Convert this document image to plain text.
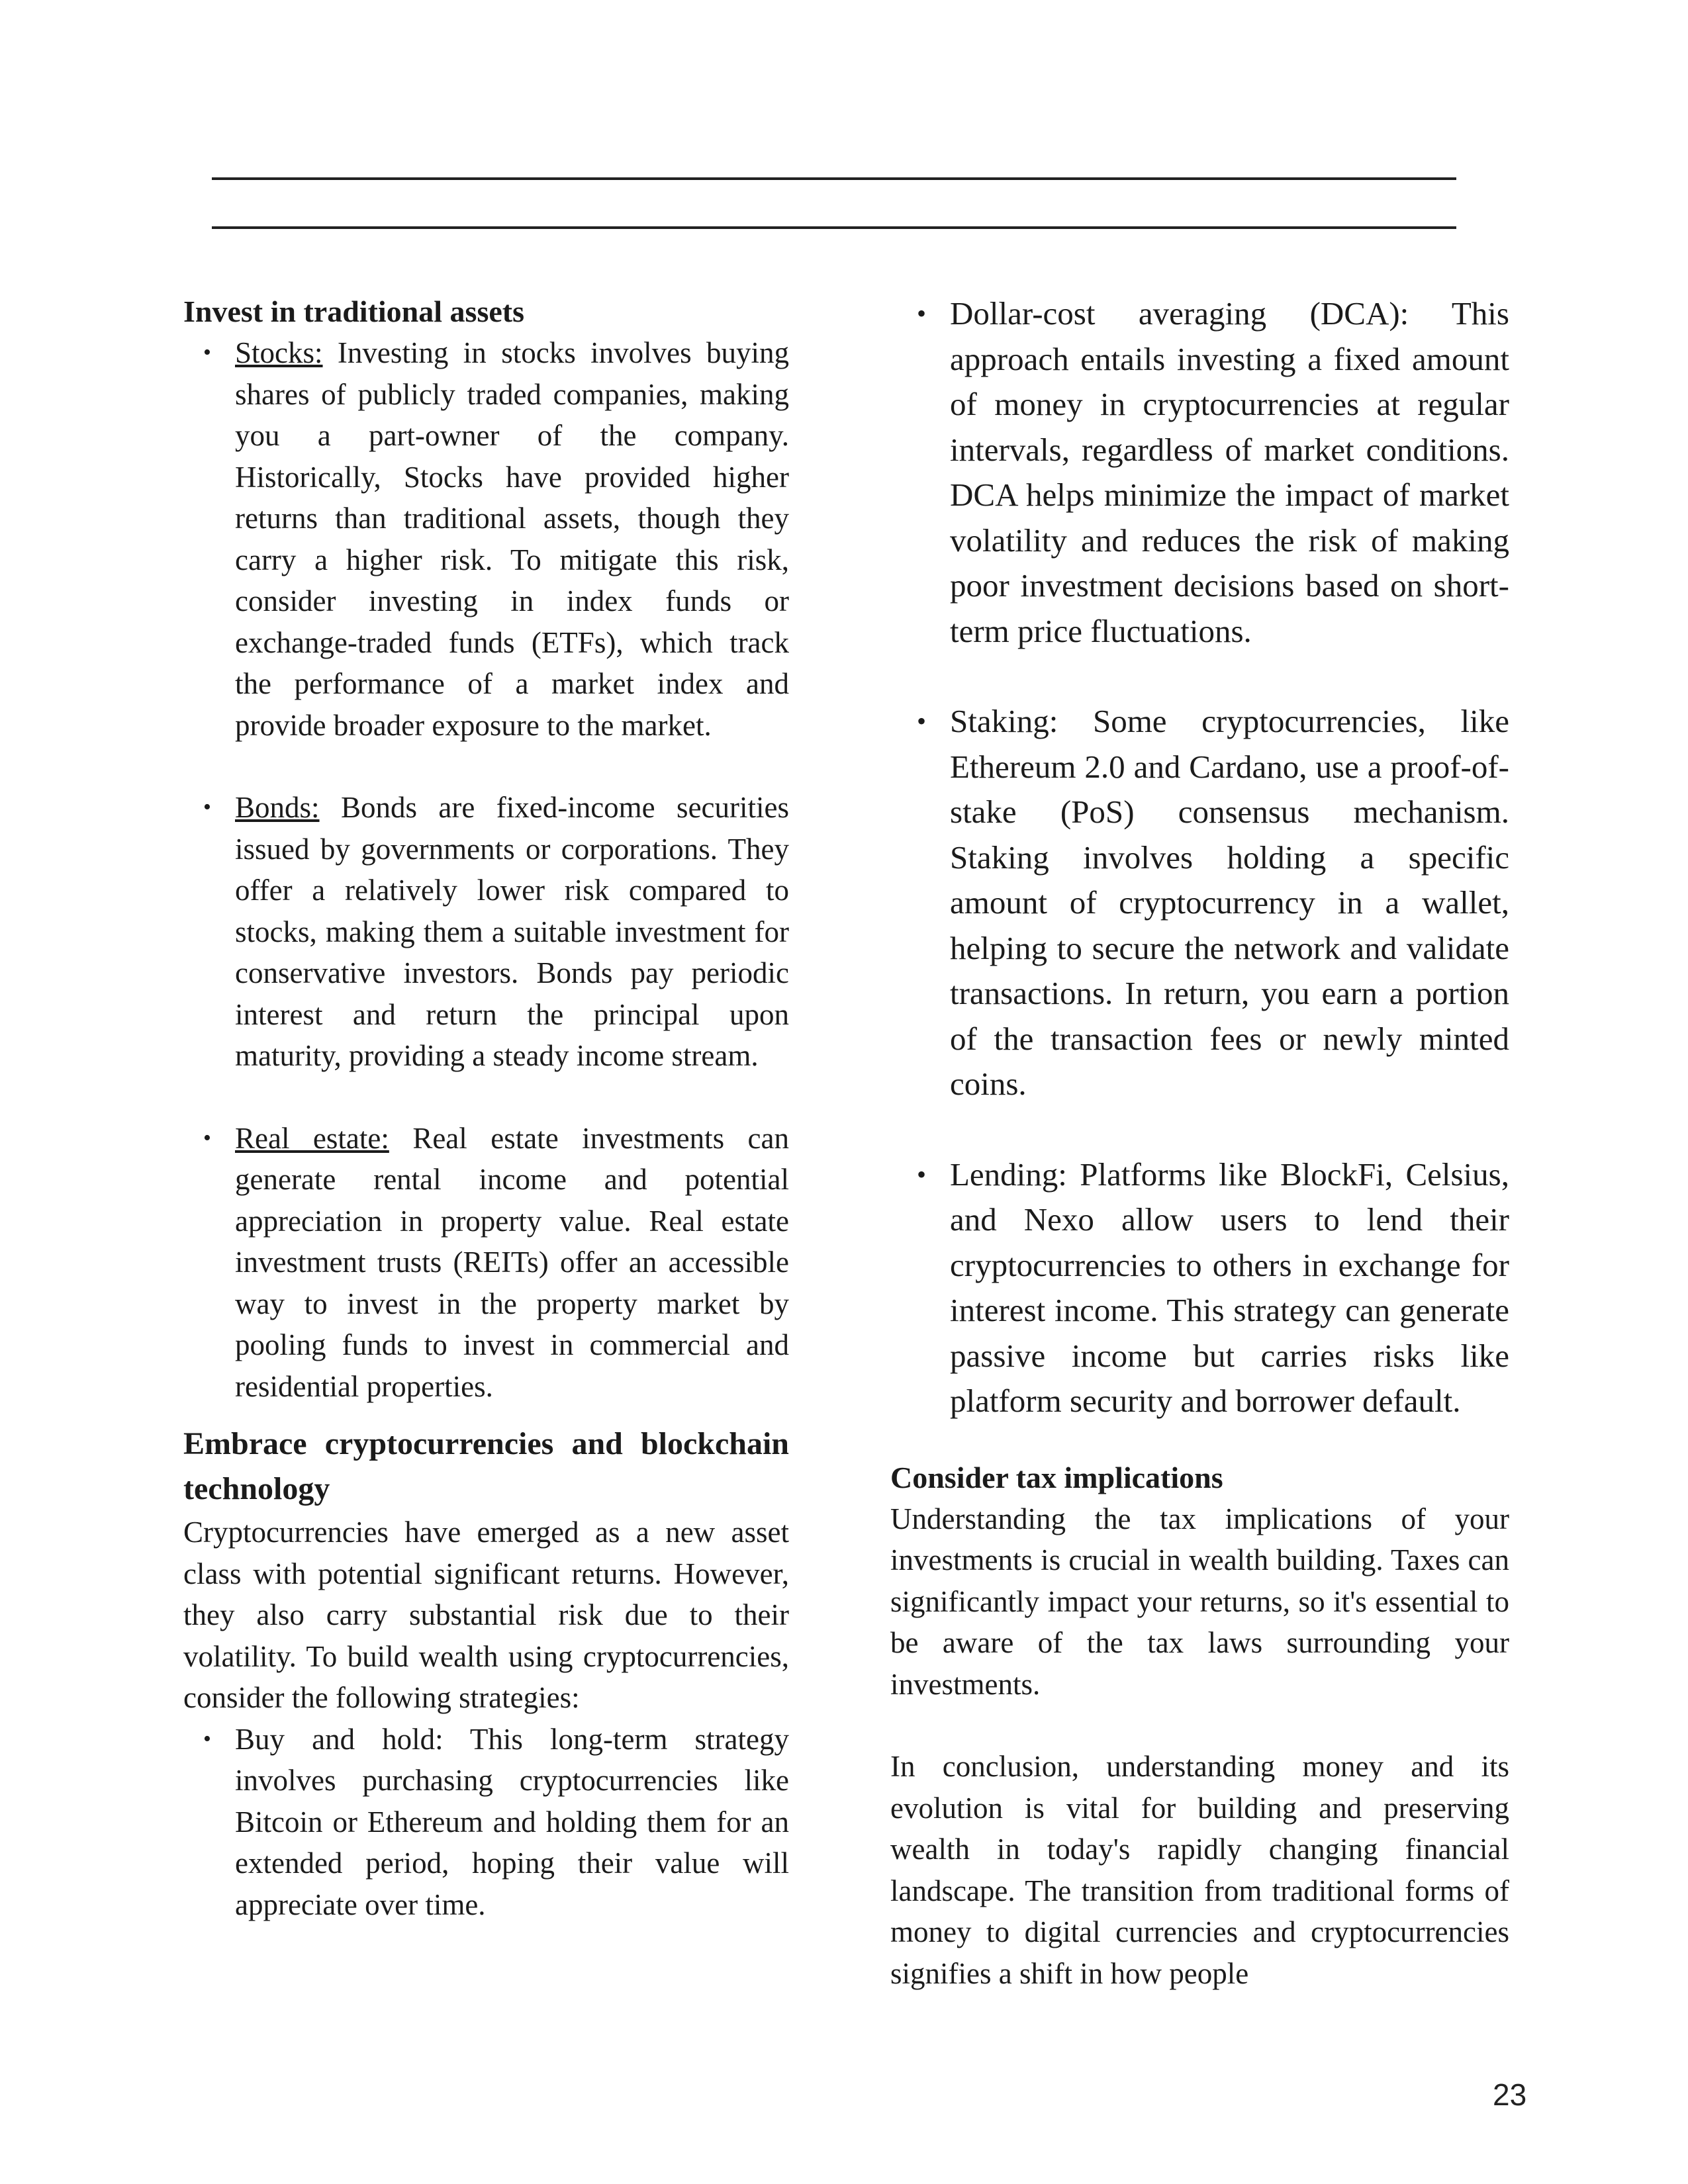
Invest in traditional assets
• Stocks: Investing in stocks involves buying shares of publicly traded companies, making you a part-owner of the company. Historically, Stocks have provided higher returns than traditional assets, though they carry a higher risk. To mitigate this risk, consider investing in index funds or exchange-traded funds (ETFs), which track the performance of a market index and provide broader exposure to the market.
• Bonds: Bonds are fixed-income securities issued by governments or corporations. They offer a relatively lower risk compared to stocks, making them a suitable investment for conservative investors. Bonds pay periodic interest and return the principal upon maturity, providing a steady income stream.
• Real estate: Real estate investments can generate rental income and potential appreciation in property value. Real estate investment trusts (REITs) offer an accessible way to invest in the property market by pooling funds to invest in commercial and residential properties.
Embrace cryptocurrencies and blockchain technology

Cryptocurrencies have emerged as a new asset class with potential significant returns. However, they also carry substantial risk due to their volatility. To build wealth using cryptocurrencies, consider the following strategies:

• Buy and hold: This long-term strategy involves purchasing cryptocurrencies like Bitcoin or Ethereum and holding them for an extended period, hoping their value will appreciate over time.
• Dollar-cost averaging (DCA): This approach entails investing a fixed amount of money in cryptocurrencies at regular intervals, regardless of market conditions. DCA helps minimize the impact of market volatility and reduces the risk of making poor investment decisions based on short-term price fluctuations.
• Staking: Some cryptocurrencies, like Ethereum 2.0 and Cardano, use a proof-of-stake (PoS) consensus mechanism. Staking involves holding a specific amount of cryptocurrency in a wallet, helping to secure the network and validate transactions. In return, you earn a portion of the transaction fees or newly minted coins.
• Lending: Platforms like BlockFi, Celsius, and Nexo allow users to lend their cryptocurrencies to others in exchange for interest income. This strategy can generate passive income but carries risks like platform security and borrower default.
Consider tax implications

Understanding the tax implications of your investments is crucial in wealth building. Taxes can significantly impact your returns, so it's essential to be aware of the tax laws surrounding your investments.

In conclusion, understanding money and its evolution is vital for building and preserving wealth in today's rapidly changing financial landscape. The transition from traditional forms of money to digital currencies and cryptocurrencies signifies a shift in how people

23
